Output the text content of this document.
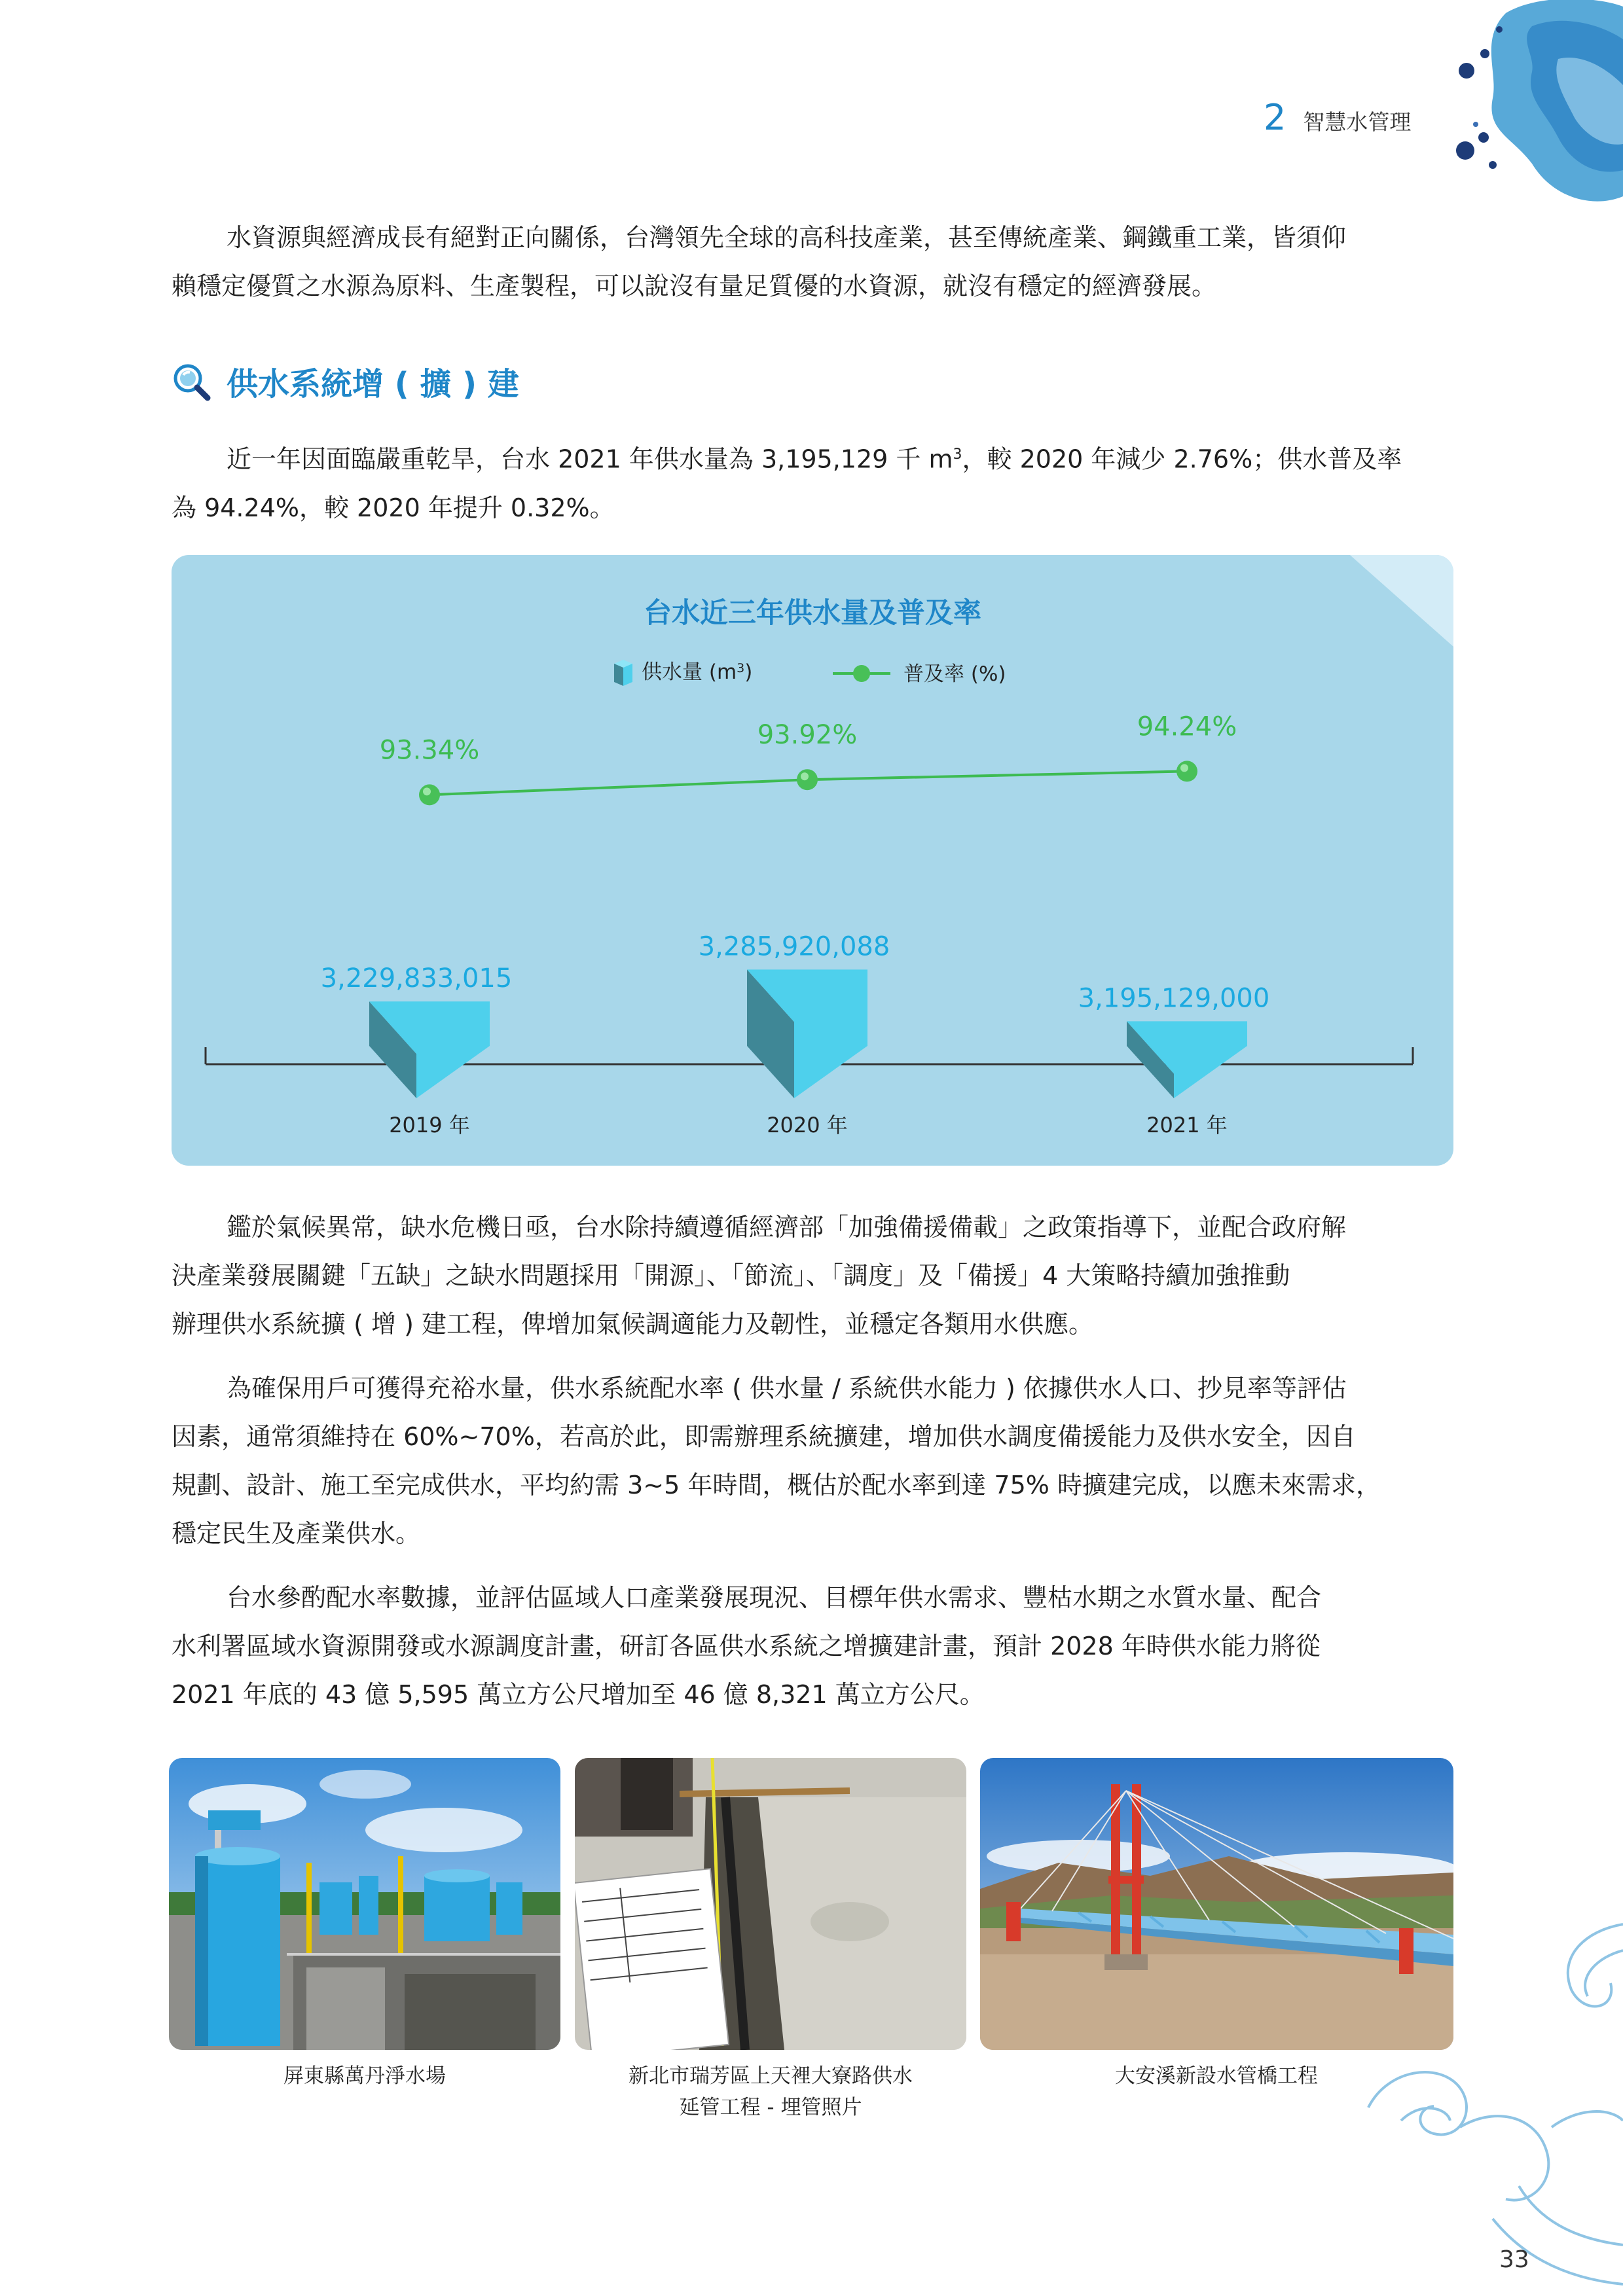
2 智慧水管理

水資源與經濟成長有絕對正向關係，台灣領先全球的高科技產業，甚至傳統產業、鋼鐵重工業，皆須仰
賴穩定優質之水源為原料、生產製程，可以說沒有量足質優的水資源，就沒有穩定的經濟發展。

供水系統增 ( 擴 ) 建

近一年因面臨嚴重乾旱，台水 2021 年供水量為 3,195,129 千 $m^3$，較 2020 年減少 2.76%；供水普及率
為 94.24%，較 2020 年提升 0.32%。

台水近三年供水量及普及率
供水量 $(m^3)$	普及率 (%)
3,229,833,015
2019 年
3,285,920,088
2020 年
3,195,129,000
2021 年
93.34%
93.92%	94.24%

鑑於氣候異常，缺水危機日亟，台水除持續遵循經濟部「加強備援備載」之政策指導下，並配合政府解
決產業發展關鍵「五缺」之缺水問題採用「開源」、「節流」、「調度」及「備援」4 大策略持續加強推動
辦理供水系統擴 ( 增 ) 建工程，俾增加氣候調適能力及韌性，並穩定各類用水供應。

為確保用戶可獲得充裕水量，供水系統配水率 ( 供水量 / 系統供水能力 ) 依據供水人口、抄見率等評估
因素，通常須維持在 60%~70%，若高於此，即需辦理系統擴建，增加供水調度備援能力及供水安全，因自
規劃、設計、施工至完成供水，平均約需 3~5 年時間，概估於配水率到達 75% 時擴建完成，以應未來需求，
穩定民生及產業供水。

台水參酌配水率數據，並評估區域人口產業發展現況、目標年供水需求、豐枯水期之水質水量、配合
水利署區域水資源開發或水源調度計畫，研訂各區供水系統之增擴建計畫，預計 2028 年時供水能力將從
2021 年底的 43 億 5,595 萬立方公尺增加至 46 億 8,321 萬立方公尺。

屏東縣萬丹淨水場	新北市瑞芳區上天裡大寮路供水
延管工程 - 埋管照片

大安溪新設水管橋工程

33
